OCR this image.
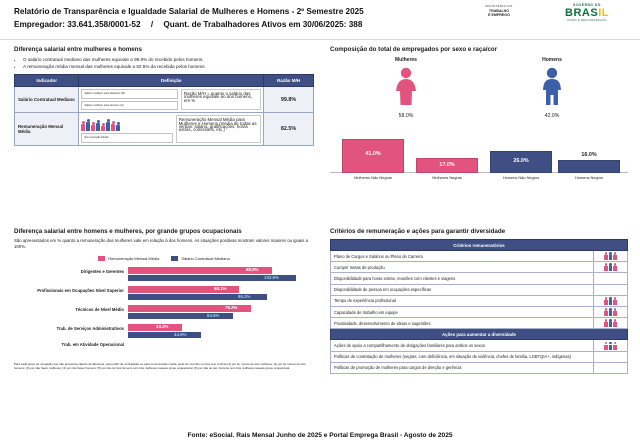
Relatório de Transparência e Igualdade Salarial de Mulheres e Homens - 2º Semestre 2025
Empregador: 33.641.358/0001-52 / Quant. de Trabalhadores Ativos em 30/06/2025: 388
MINISTÉRIO DO
TRABALHO
E EMPREGO
GOVERNO DO
BRASIL
UNIÃO E RECONSTRUÇÃO
Diferença salarial entre mulheres e homens
• O salário contratual mediano das mulheres equivale a 99.8% do recebido pelos homens.
• A remuneração média mensal das mulheres equivale a 82.5% da recebida pelos homens.
Indicador	Definição	Razão M/H
Salário Contratual Mediano	Salário mediano para Mulheres (M)
Salário mediano para Homens (H)
Razão M/H = quanto o salário das mulheres equivale ao dos homens, em %	99.8%
Remuneração Mensal Média	Remuneração Média
Remuneração Mensal Média para Mulheres e Homens (média de todas as verbas: salário, gratificações, horas extras, comissões, etc.)	82.5%
Composição do total de empregados por sexo e raça/cor
Mulheres
58.0%
Homens
42.0%
41.0%
Mulheres Não Negras
17.0%
Mulheres Negras
26.0%
Homens Não Negros
16.0%
Homens Negros
Diferença salarial entre homens e mulheres, por grande grupos ocupacionais
São apresentados em % quanto a remuneração das mulheres vale em relação à dos homens. As situações positivas mostram valores maiores ou iguais a 100%.
Remuneração Mensal Média	Salário Contratual Mediano
Dirigentes e Gerentes	88.0%
102.9%
Profissionais em Ocupações Nível Superior	68.1%
85.2%
Técnicos de Nível Médio	75.2%
64.6%
Trab. de Serviços Administrativos	33.2%
44.6%
Trab. em Atividade Operacional
Para cada grupo de ocupação que não apresente cálculo de diferença, para exibir de contratação ou para remuneração média, pode ter ocorrido um dos seis motivos:(1) por ter menos de três mulheres; (2) por ter menos de três homens; (3) por não haver mulheres; (4) por não haver homens; (5) por não ter três homens com três mulheres naquele grupo ocupacional; (6) por não ter tem homens nem três mulheres naquele grupo ocupacional
Critérios de remuneração e ações para garantir diversidade
Critérios remuneratórios	
Plano de Cargos e Salários ou Plano de Carreira	

Cumprir metas de produção	

Disponibilidade para horas extras, reuniões com clientes e viagens	
Disponibilidade de pessoa em ocupações específicas	
Tempo de experiência profissional	

Capacidade de trabalho em equipe	

Proatividade, desenvolvimento de ideias e sugestões	

Ações para aumentar a diversidade	
Ações de apoio a compartilhamento de obrigações familiares para ambos os sexos	

Políticas de contratação de mulheres (negras, com deficiência, em situação de violência, chefes de família, LGBTQIA+, indígenas)	
Políticas de promoção de mulheres para cargos de direção e gerência	
Fonte: eSocial. Rais Mensal Junho de 2025 e Portal Emprega Brasil - Agosto de 2025
